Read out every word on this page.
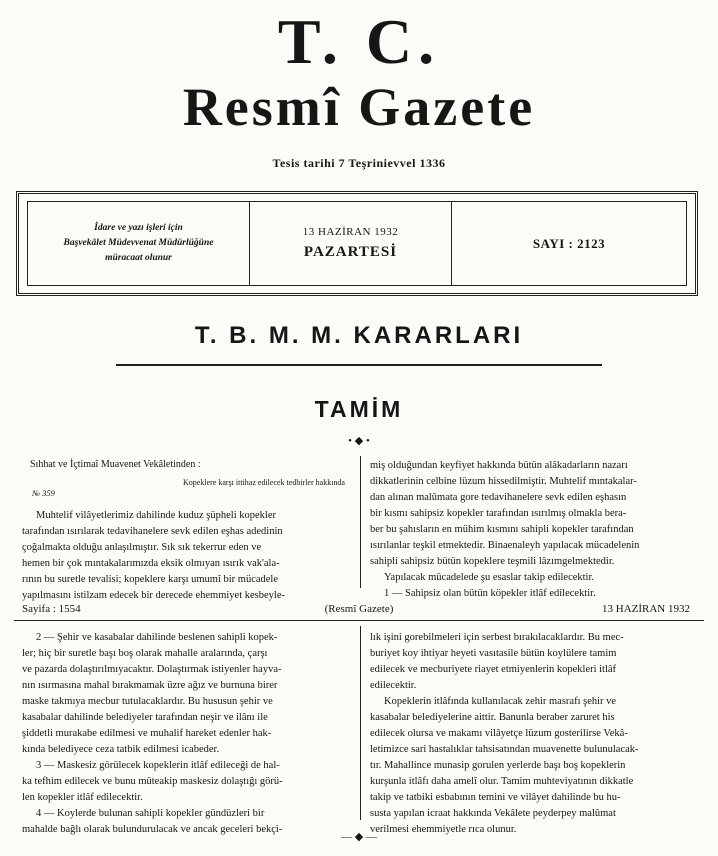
T. C.
Resmî Gazete
Tesis tarihi 7 Teşrinievvel 1336
İdare ve yazı işleri için
Başvekâlet Müdevvenat Müdürlüğüne
müracaat olunur
13 HAZİRAN 1932
PAZARTESİ
SAYI : 2123
T. B. M. M. KARARLARI
TAMİM
• ◆ •
Sıhhat ve İçtimaî Muavenet Vekâletinden :
№ 359
Kopeklere karşı ittihaz edilecek tedbirler hakkında

Muhtelif vilâyetlerimiz dahilinde kuduz şüpheli kopekler

tarafından ısırılarak tedavihanelere sevk edilen eşhas adedinin

çoğalmakta olduğu anlaşılmıştır. Sık sık tekerrur eden ve

hemen bir çok mıntakalarımızda eksik olmıyan ısırık vak'ala-

rının bu suretle tevalisi; kopeklere karşı umumî bir mücadele

yapılmasını istilzam edecek bir derecede ehemmiyet kesbeyle-

miş olduğundan keyfiyet hakkında bütün alâkadarların nazarı

dikkatlerinin celbine lüzum hissedilmiştir. Muhtelif mıntakalar-

dan alınan malûmata gore tedavihanelere sevk edilen eşhasın

bir kısmı sahipsiz kopekler tarafından ısırılmış olmakla bera-

ber bu şahısların en mühim kısmını sahipli kopekler tarafından

ısırılanlar teşkil etmektedir. Binaenaleyh yapılacak mücadelenin

sahipli sahipsiz bütün kopeklere teşmili lâzımgelmektedir.

Yapılacak mücadelede şu esaslar takip edilecektir.

1 — Sahipsiz olan bütün köpekler itlâf edilecektir.

Sayifa : 1554	(Resmî Gazete)	13 HAZİRAN 1932

2 — Şehir ve kasabalar dahilinde beslenen sahipli kopek-

ler; hiç bir suretle başı boş olarak mahalle aralarında, çarşı

ve pazarda dolaştırılmıyacaktır. Dolaştırmak istiyenler hayva-

nın ısırmasına mahal bırakmamak üzre ağız ve burnuna birer

maske takmıya mecbur tutulacaklardır. Bu hususun şehir ve

kasabalar dahilinde belediyeler tarafından neşir ve ilânı ile

şiddetli murakabe edilmesi ve muhalif hareket edenler hak-

kında belediyece ceza tatbik edilmesi icabeder.

3 — Maskesiz görülecek kopeklerin itlâf edileceği de hal-

ka tefhim edilecek ve bunu müteakip maskesiz dolaştığı görü-

len kopekler itlâf edilecektir.

4 — Koylerde bulunan sahipli kopekler gündüzleri bir

mahalde bağlı olarak bulundurulacak ve ancak geceleri bekçi-

lık işini gorebilmeleri için serbest bırakılacaklardır. Bu mec-

buriyet koy ihtiyar heyeti vasıtasile bütün koylülere tamim

edilecek ve mecburiyete riayet etmiyenlerin kopekleri itlâf

edilecektir.

Kopeklerin itlâfında kullanılacak zehir masrafı şehir ve

kasabalar belediyelerine aittir. Banunla beraber zaruret his

edilecek olursa ve makamı vilâyetçe lüzum gosterilirse Vekâ-

letimizce sari hastalıklar tahsisatından muavenette bulunulacak-

tır. Mahallince munasip gorulen yerlerde başı boş kopeklerin

kurşunla itlâfı daha amelî olur. Tamim muhteviyatının dikkatle

takip ve tatbiki esbabının temini ve vilâyet dahilinde bu hu-

susta yapılan icraat hakkında Vekâlete peyderpey malûmat

verilmesi ehemmiyetle rıca olunur.

— ◆ —
